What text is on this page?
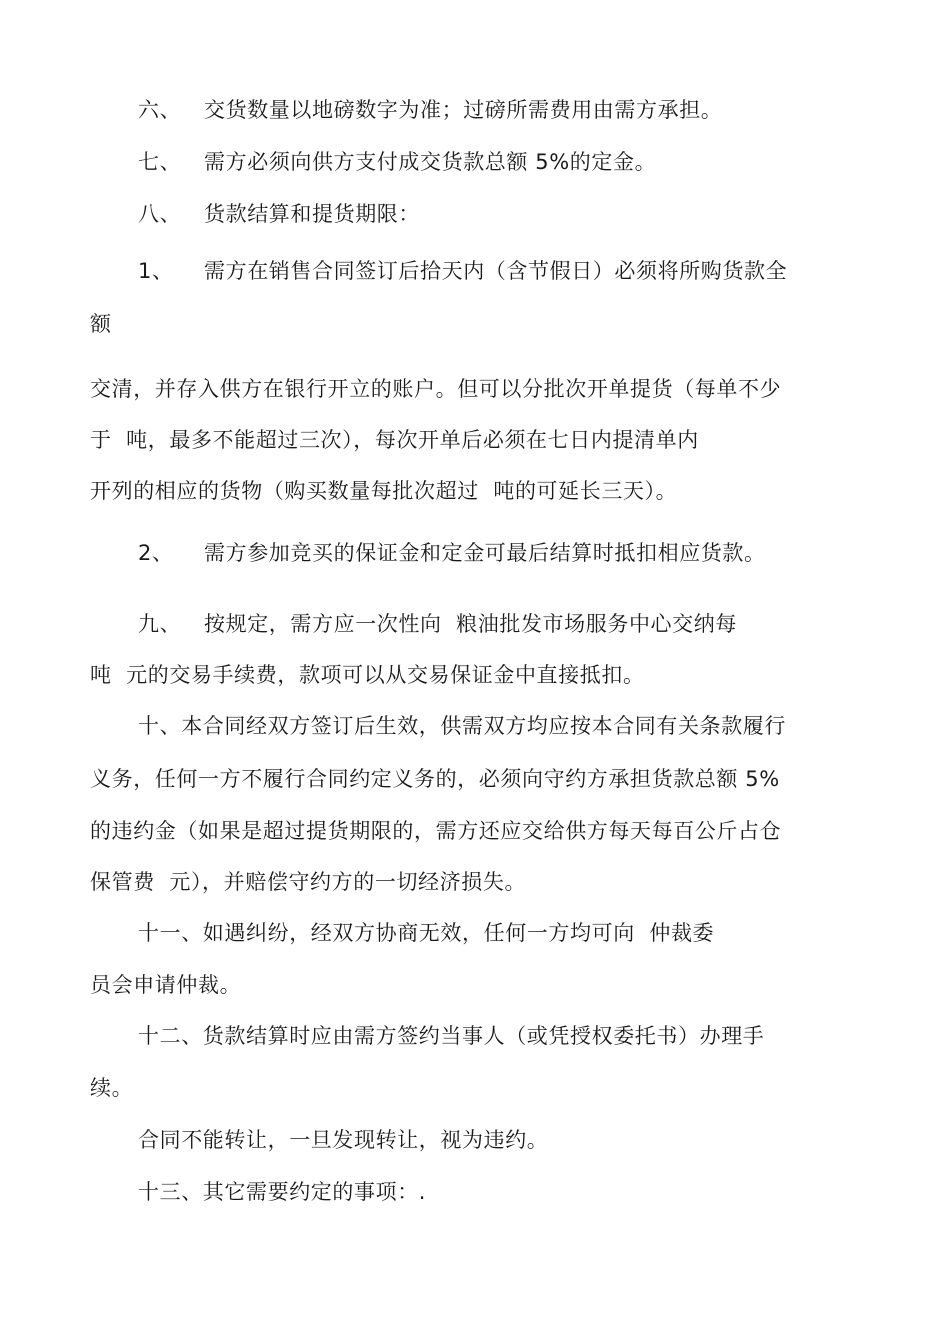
六、 交货数量以地磅数字为准；过磅所需费用由需方承担。
七、 需方必须向供方支付成交货款总额 5%的定金。
八、 货款结算和提货期限：
1、 需方在销售合同签订后拾天内（含节假日）必须将所购货款全
额
交清，并存入供方在银行开立的账户。但可以分批次开单提货（每单不少
于  吨，最多不能超过三次），每次开单后必须在七日内提清单内
开列的相应的货物（购买数量每批次超过  吨的可延长三天）。
2、 需方参加竞买的保证金和定金可最后结算时抵扣相应货款。
九、 按规定，需方应一次性向  粮油批发市场服务中心交纳每
吨  元的交易手续费，款项可以从交易保证金中直接抵扣。
十、本合同经双方签订后生效，供需双方均应按本合同有关条款履行
义务，任何一方不履行合同约定义务的，必须向守约方承担货款总额 5%
的违约金（如果是超过提货期限的，需方还应交给供方每天每百公斤占仓
保管费  元），并赔偿守约方的一切经济损失。
十一、如遇纠纷，经双方协商无效，任何一方均可向  仲裁委
员会申请仲裁。
十二、货款结算时应由需方签约当事人（或凭授权委托书）办理手
续。
合同不能转让，一旦发现转让，视为违约。
十三、其它需要约定的事项：.
